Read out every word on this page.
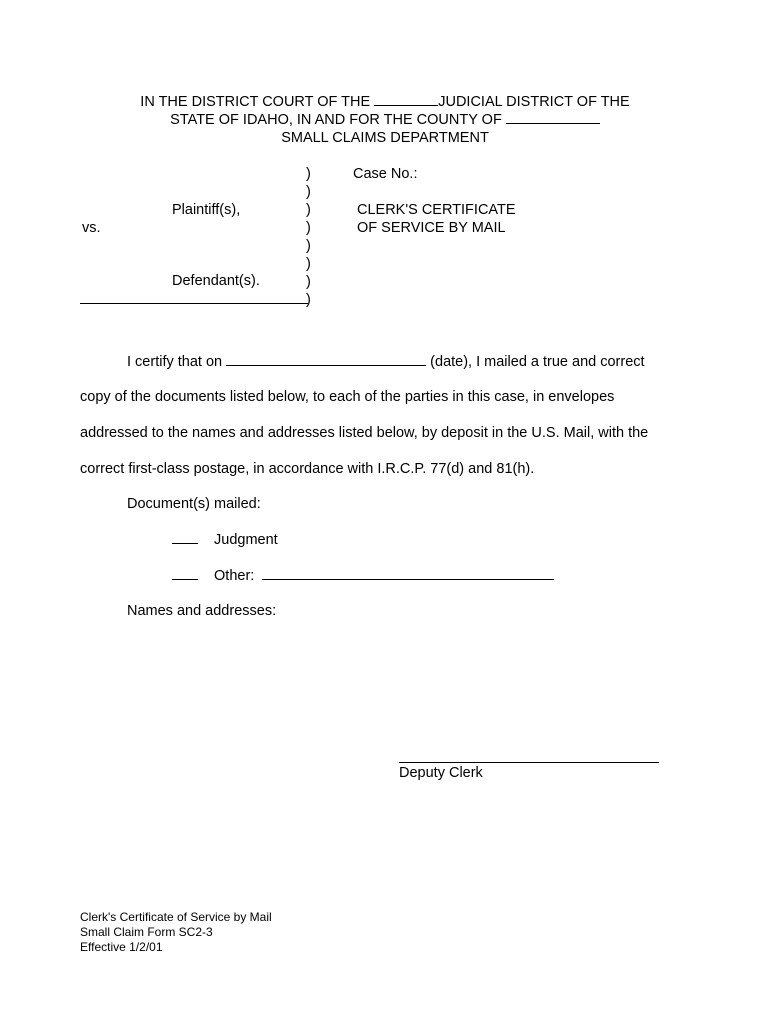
IN THE DISTRICT COURT OF THE	JUDICIAL DISTRICT OF THE
STATE OF IDAHO, IN AND FOR THE COUNTY OF
SMALL CLAIMS DEPARTMENT
Plaintiff(s),
vs.
Defendant(s).
)
)
)
)
)
)
)
)
Case No.:
CLERK'S CERTIFICATE
OF SERVICE BY MAIL
I certify that on	(date), I mailed a true and correct
copy of the documents listed below, to each of the parties in this case, in envelopes
addressed to the names and addresses listed below, by deposit in the U.S. Mail, with the
correct first-class postage, in accordance with I.R.C.P. 77(d) and 81(h).
Document(s) mailed:
Judgment
Other:
Names and addresses:
Deputy Clerk
Clerk's Certificate of Service by Mail
Small Claim Form SC2-3
Effective 1/2/01
